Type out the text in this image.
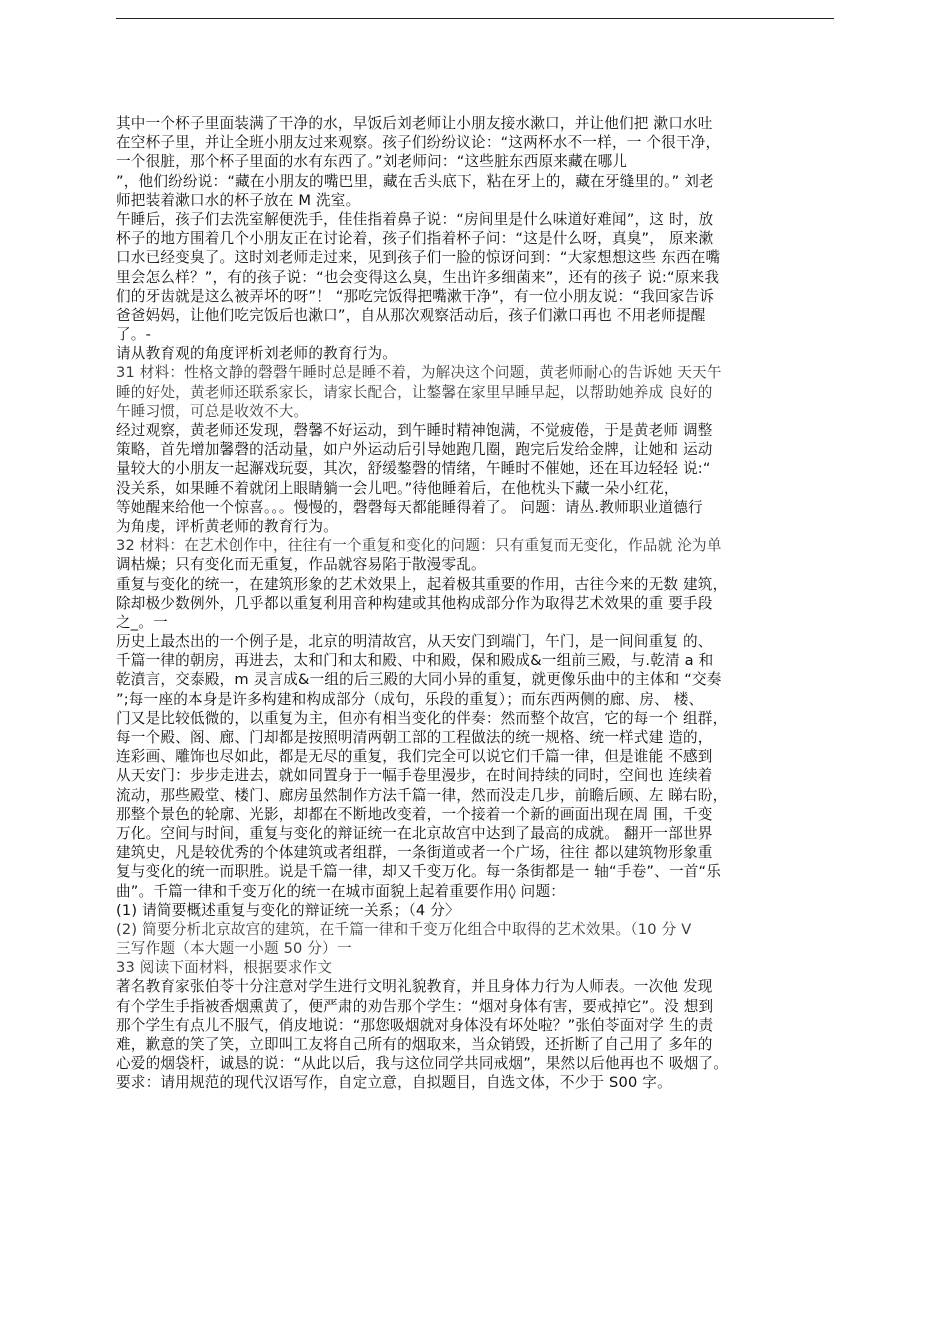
其中一个杯子里面装满了干净的水，早饭后刘老师让小朋友接水漱口，并让他们把 漱口水吐
在空杯子里，并让全班小朋友过来观察。孩子们纷纷议论：“这两杯水不一样，一 个很干净，
一个很脏，那个杯子里面的水有东西了。”刘老师问：“这些脏东西原来藏在哪儿
”，他们纷纷说：“藏在小朋友的嘴巴里，藏在舌头底下，粘在牙上的，藏在牙缝里的。” 刘老
师把装着漱口水的杯子放在 M 洗室。
午睡后，孩子们去洗室解便洗手，佳佳指着鼻子说：“房间里是什么味道好难闻”，这 时，放
杯子的地方围着几个小朋友正在讨论着，孩子们指着杯子问：“这是什么呀，真臭”， 原来漱
口水已经变臭了。这时刘老师走过来，见到孩子们一脸的惊讶问到：“大家想想这些 东西在嘴
里会怎么样？”，有的孩子说：“也会变得这么臭，生出许多细菌来”，还有的孩子 说:“原来我
们的牙齿就是这么被弄坏的呀”！ “那吃完饭得把嘴漱干净”，有一位小朋友说：“我回家告诉
爸爸妈妈，让他们吃完饭后也漱口”，自从那次观察活动后，孩子们漱口再也 不用老师提醒
了。-
请从教育观的角度评析刘老师的教育行为。
31 材料：性格文静的磬磬午睡时总是睡不着，为解决这个问题，黄老师耐心的告诉她 天天午
睡的好处，黄老师还联系家长，请家长配合，让鏊馨在家里早睡早起，以帮助她养成 良好的
午睡习惯，可总是收效不大。
经过观察，黄老师还发现，磬馨不好运动，到午睡时精神饱满，不觉疲倦，于是黄老师 调整
策略，首先增加馨磬的活动量，如户外运动后引导她跑几圈，跑完后发给金牌，让她和 运动
量较大的小朋友一起澥戏玩耍，其次，舒缓鏊磬的情绪，午睡时不催她，还在耳边轻轻 说:“
没关系，如果睡不着就闭上眼睛躺一会儿吧。”待他睡着后，在他枕头下藏一朵小红花，
等她醒来给他一个惊喜。。。慢慢的，磬磬每天都能睡得着了。 问题：请丛.教师职业道德行
为角虔，评析黄老师的教育行为。
32 材料：在艺术创作中，往往有一个重复和变化的问题：只有重复而无变化，作品就 沦为单
调枯燥；只有变化而无重复，作品就容易陷于散漫零乱。
重复与变化的统一，在建筑形象的艺术效果上，起着极其重要的作用，古往今来的无数 建筑，
除却极少数例外，几乎都以重复利用音种构建或其他构成部分作为取得艺术效果的重 要手段
之_。一
历史上最杰出的一个例子是，北京的明清故宫，从天安门到端门，午门，是一间间重复 的、
千篇一律的朝房，再进去，太和门和太和殿、中和殿，保和殿成&一组前三殿，与.乾清 a 和
乾濆言，交泰殿，m 灵言成&一组的后三殿的大同小异的重复，就更像乐曲中的主体和 “交奏
”;每一座的本身是许多构建和构成部分（成句，乐段的重复）；而东西两侧的廊、房、 楼、
门又是比较低微的，以重复为主，但亦有相当变化的伴奏：然而整个故宫，它的每一个 组群，
每一个殿、阁、廊、门却都是按照明清两朝工部的工程做法的统一规格、统一样式建 造的，
连彩画、雕饰也尽如此，都是无尽的重复，我们完全可以说它们千篇一律，但是谁能 不感到
从天安门：步步走进去，就如同置身于一幅手卷里漫步，在时间持续的同时，空间也 连续着
流动，那些殿堂、楼门、廊房虽然制作方法千篇一律，然而没走几步，前瞻后顾、左 睇右盼，
那整个景色的轮廓、光影，却都在不断地改变着，一个接着一个新的画面出现在周 围，千变
万化。空间与时间，重复与变化的辩证统一在北京故宫中达到了最高的成就。 翻开一部世界
建筑史，凡是较优秀的个体建筑或者组群，一条街道或者一个广场，往往 都以建筑物形象重
复与变化的统一而职胜。说是千篇一律，却又千变万化。每一条街都是一 轴“手卷”、一首“乐
曲”。千篇一律和千变万化的统一在城市面貌上起着重要作用◊ 问题：
(1) 请简要概述重复与变化的辩证统一关系；（4 分〉
(2) 简要分析北京故宫的建筑，在千篇一律和千变万化组合中取得的艺术效果。（10 分 V
三写作题（本大题一小题 50 分）一
33 阅读下面材料，根据要求作文
著名教育家张伯苓十分注意对学生进行文明礼貌教育，并且身体力行为人师表。一次他 发现
有个学生手指被香烟熏黄了，便严肃的劝告那个学生：“烟对身体有害，要戒掉它”。没 想到
那个学生有点儿不服气，俏皮地说：“那您吸烟就对身体没有坏处啦？”张伯苓面对学 生的责
难，歉意的笑了笑，立即叫工友将自己所有的烟取来，当众销毁，还折断了自己用了 多年的
心爱的烟袋杆，诚恳的说：“从此以后，我与这位同学共同戒烟”，果然以后他再也不 吸烟了。
要求：请用规范的现代汉语写作，自定立意，自拟题目，自选文体，不少于 S00 字。
